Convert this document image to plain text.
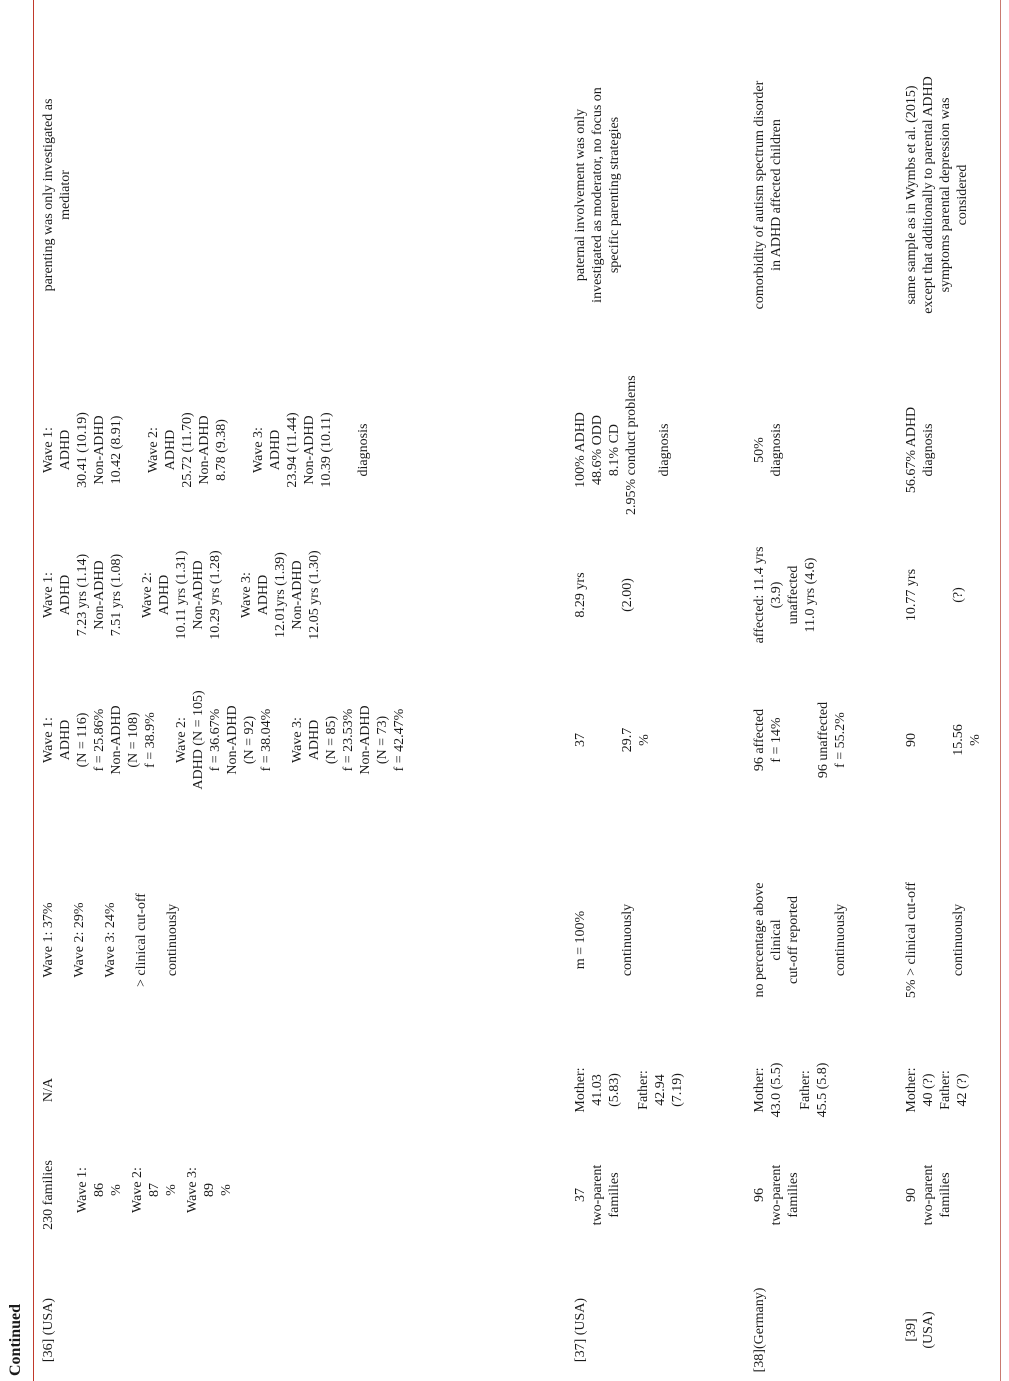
Continued [36] (USA)
230 families Wave 1: 86 % Wave 2: 87 % Wave 3: 89 %
N/A
Wave 1: 37% Wave 2: 29% Wave 3: 24% > clinical cut-off continuously
Wave 1: ADHD (N = 116) f = 25.86% Non-ADHD (N = 108) f = 38.9% Wave 2: ADHD (N = 105) f = 36.67% Non-ADHD (N = 92) f = 38.04% Wave 3: ADHD (N = 85) f = 23.53% Non-ADHD (N = 73) f = 42.47%
Wave 1: ADHD 7.23 yrs (1.14) Non-ADHD 7.51 yrs (1.08) Wave 2: ADHD 10.11 yrs (1.31) Non-ADHD 10.29 yrs (1.28) Wave 3: ADHD 12.01yrs (1.39) Non-ADHD 12.05 yrs (1.30)
Wave 1: ADHD 30.41 (10.19) Non-ADHD 10.42 (8.91) Wave 2: ADHD 25.72 (11.70) Non-ADHD 8.78 (9.38) Wave 3: ADHD 23.94 (11.44) Non-ADHD 10.39 (10.11) diagnosis
parenting was only investigated as mediator
[37] (USA)
37 two-parent families
Mother: 41.03 (5.83) Father: 42.94 (7.19)
m = 100% continuously
37 29.7 %
8.29 yrs (2.00)
100% ADHD 48.6% ODD 8.1% CD 2.95% conduct problems diagnosis
paternal involvement was only investigated as moderator, no focus on specific parenting strategies
[38](Germany)
96 two-parent families
Mother: 43.0 (5.5) Father: 45.5 (5.8)
no percentage above clinical cut-off reported continuously
96 affected f = 14% 96 unaffected f = 55.2%
affected: 11.4 yrs (3.9) unaffected 11.0 yrs (4.6)
50% diagnosis
comorbidity of autism spectrum disorder in ADHD affected children
[39] (USA)
90 two-parent families
Mother: 40 (?) Father: 42 (?)
5% > clinical cut-off continuously
90 15.56 %
10.77 yrs (?)
56.67% ADHD diagnosis
same sample as in Wymbs et al. (2015) except that additionally to parental ADHD symptoms parental depression was considered
